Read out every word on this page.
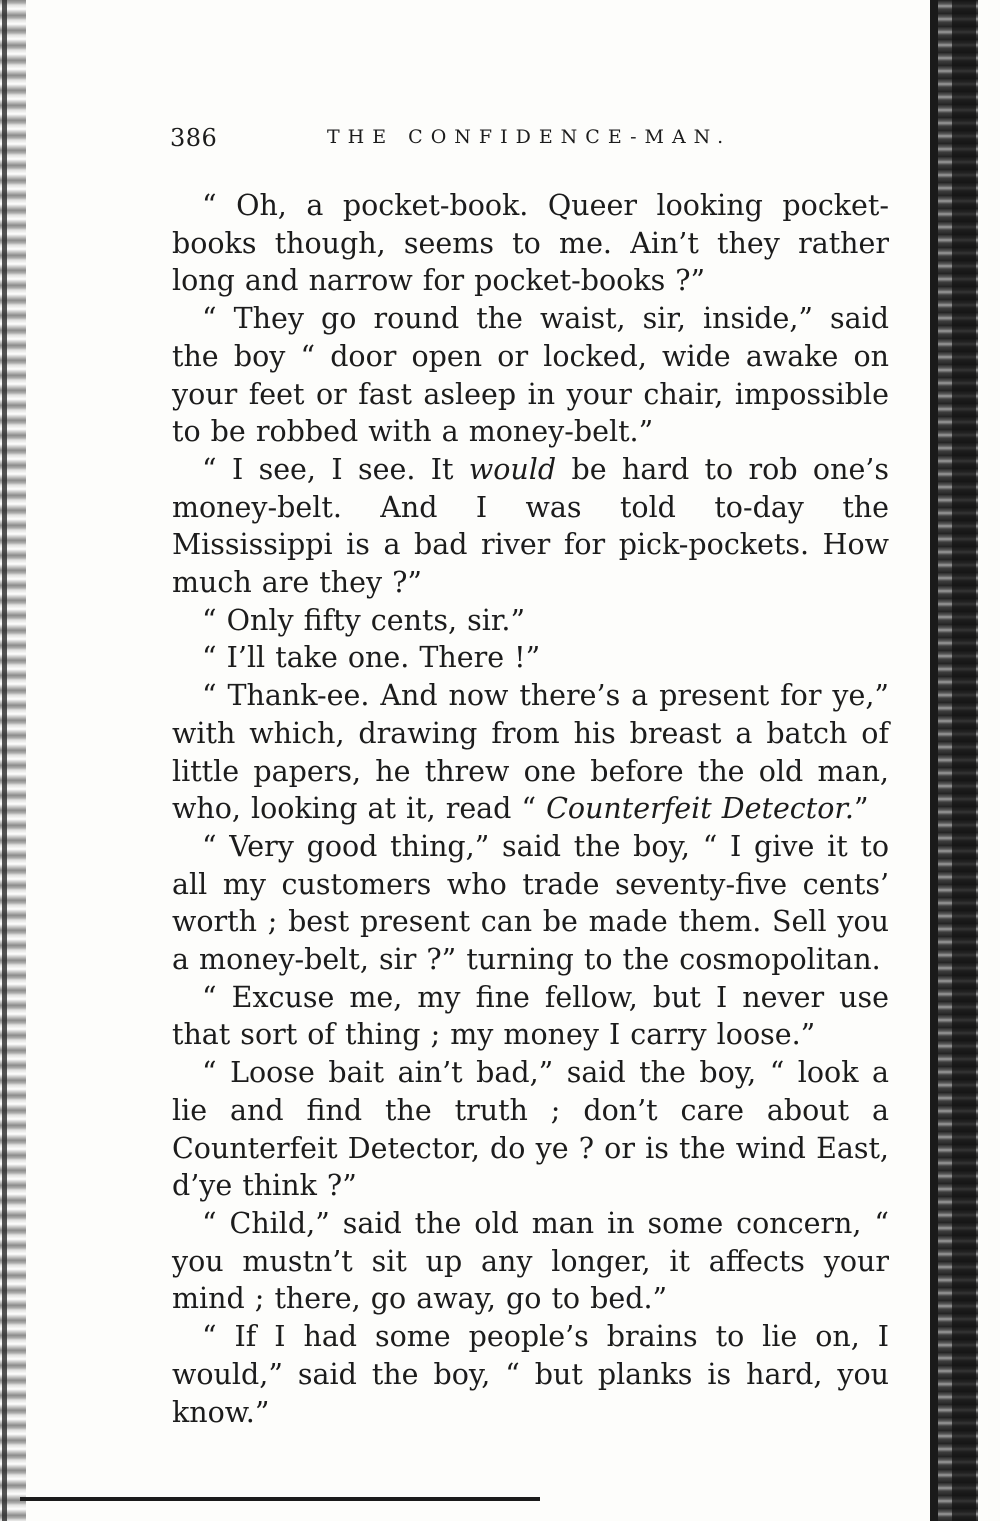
386	THE CONFIDENCE-MAN.

“ Oh, a pocket-book. Queer looking pocket-books though, seems to me. Ain’t they rather long and narrow for pocket-books ?”

“ They go round the waist, sir, inside,” said the boy “ door open or locked, wide awake on your feet or fast asleep in your chair, impossible to be robbed with a money-belt.”

“ I see, I see. It would be hard to rob one’s money-belt. And I was told to-day the Mississippi is a bad river for pick-pockets. How much are they ?”

“ Only fifty cents, sir.”

“ I’ll take one. There !”

“ Thank-ee. And now there’s a present for ye,” with which, drawing from his breast a batch of little papers, he threw one before the old man, who, looking at it, read “ Counterfeit Detector.”

“ Very good thing,” said the boy, “ I give it to all my customers who trade seventy-five cents’ worth ; best present can be made them. Sell you a money-belt, sir ?” turning to the cosmopolitan.

“ Excuse me, my fine fellow, but I never use that sort of thing ; my money I carry loose.”

“ Loose bait ain’t bad,” said the boy, “ look a lie and find the truth ; don’t care about a Counterfeit Detector, do ye ? or is the wind East, d’ye think ?”

“ Child,” said the old man in some concern, “ you mustn’t sit up any longer, it affects your mind ; there, go away, go to bed.”

“ If I had some people’s brains to lie on, I would,” said the boy, “ but planks is hard, you know.”
